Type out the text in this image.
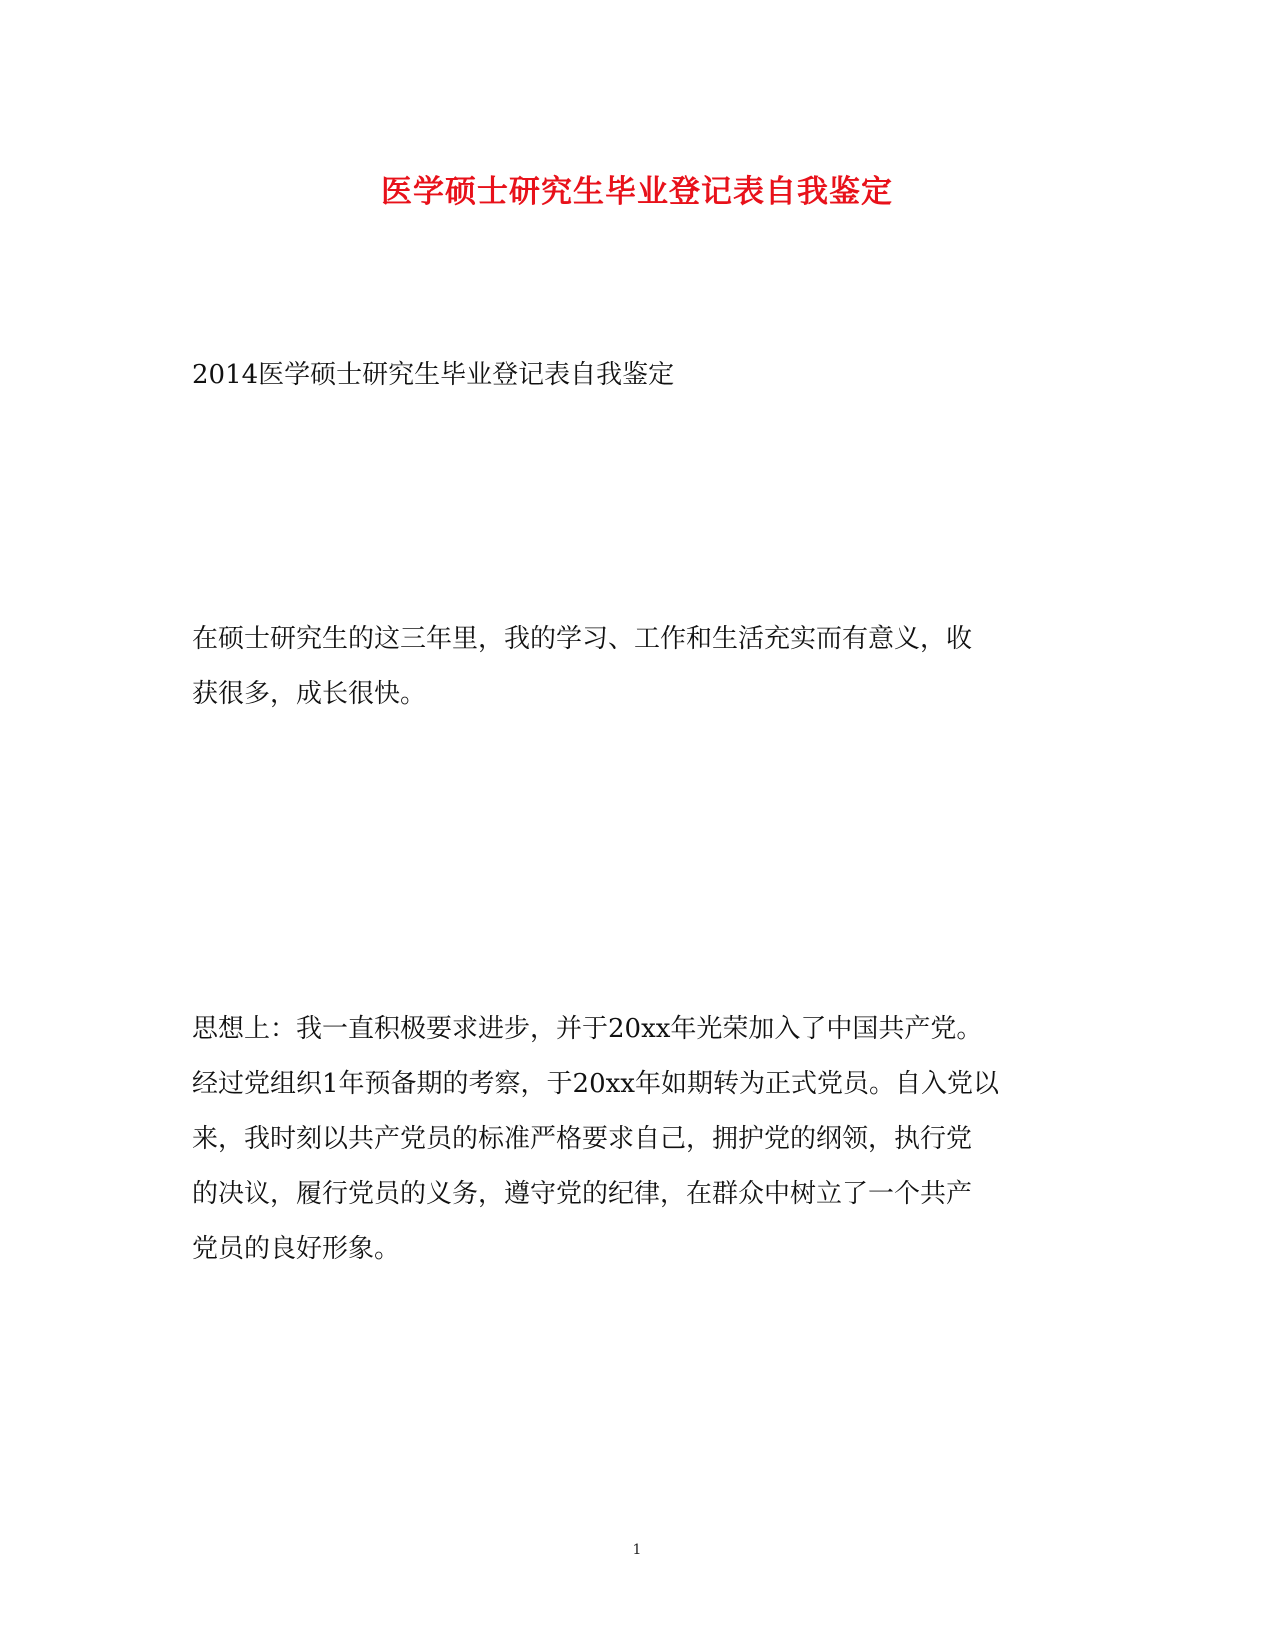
医学硕士研究生毕业登记表自我鉴定
2014医学硕士研究生毕业登记表自我鉴定
在硕士研究生的这三年里，我的学习、工作和生活充实而有意义，收
获很多，成长很快。
思想上：我一直积极要求进步，并于20xx年光荣加入了中国共产党。
经过党组织1年预备期的考察，于20xx年如期转为正式党员。自入党以
来，我时刻以共产党员的标准严格要求自己，拥护党的纲领，执行党
的决议，履行党员的义务，遵守党的纪律，在群众中树立了一个共产
党员的良好形象。
1
